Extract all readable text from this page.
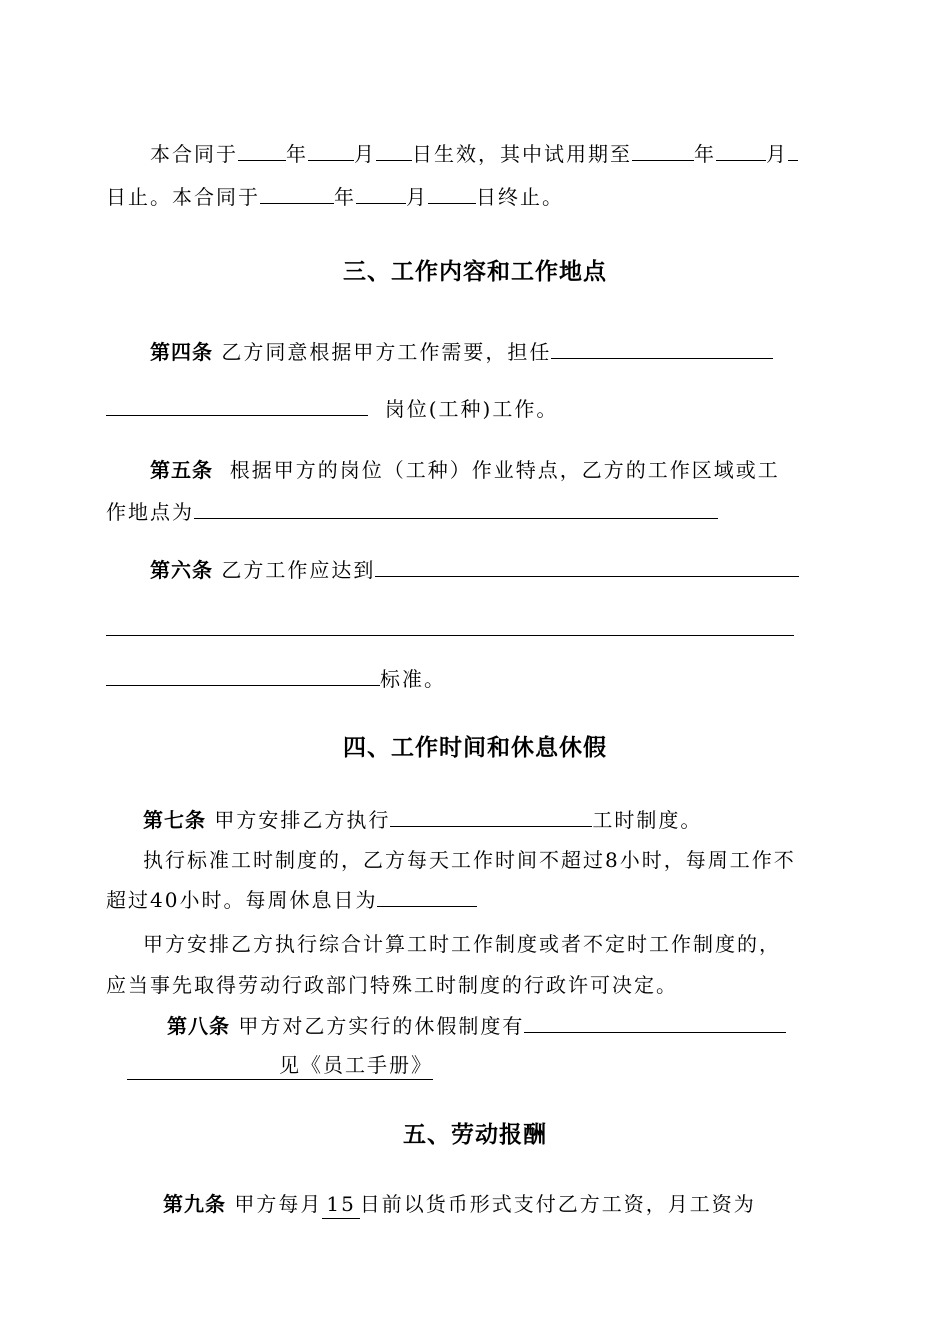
本合同于 年 月 日生效，其中试用期至	年	月
日止。本合同于	年	月 日终止。
三、工作内容和工作地点
第四条 乙方同意根据甲方工作需要，担任
岗位(工种)工作。
第五条 根据甲方的岗位（工种）作业特点，乙方的工作区域或工
作地点为
第六条 乙方工作应达到
标准。
四、工作时间和休息休假
第七条 甲方安排乙方执行	工时制度。
执行标准工时制度的，乙方每天工作时间不超过8小时，每周工作不
超过40小时。每周休息日为
甲方安排乙方执行综合计算工时工作制度或者不定时工作制度的，
应当事先取得劳动行政部门特殊工时制度的行政许可决定。
第八条 甲方对乙方实行的休假制度有
见《员工手册》
五、劳动报酬
第九条 甲方每月 15 日前以货币形式支付乙方工资，月工资为
